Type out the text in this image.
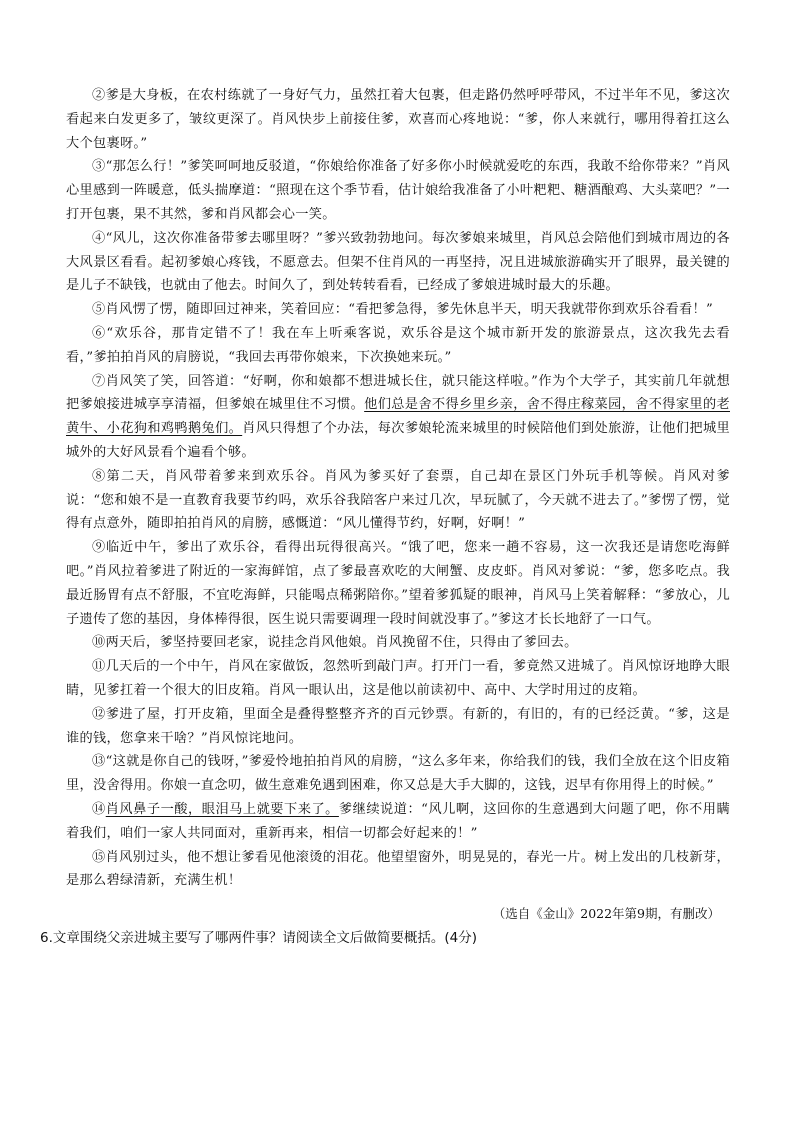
②爹是大身板，在农村练就了一身好气力，虽然扛着大包裹，但走路仍然呼呼带风，不过半年不见，爹这次看起来白发更多了，皱纹更深了。肖风快步上前接住爹，欢喜而心疼地说：“爹，你人来就行，哪用得着扛这么大个包裹呀。”

③“那怎么行！”爹笑呵呵地反驳道，“你娘给你准备了好多你小时候就爱吃的东西，我敢不给你带来？”肖风心里感到一阵暖意，低头揣摩道：“照现在这个季节看，估计娘给我准备了小叶粑粑、糖酒酿鸡、大头菜吧？”一打开包裹，果不其然，爹和肖风都会心一笑。

④“风儿，这次你准备带爹去哪里呀？”爹兴致勃勃地问。每次爹娘来城里，肖风总会陪他们到城市周边的各大风景区看看。起初爹娘心疼钱，不愿意去。但架不住肖风的一再坚持，况且进城旅游确实开了眼界，最关键的是儿子不缺钱，也就由了他去。时间久了，到处转转看看，已经成了爹娘进城时最大的乐趣。

⑤肖风愣了愣，随即回过神来，笑着回应：“看把爹急得，爹先休息半天，明天我就带你到欢乐谷看看！”

⑥“欢乐谷，那肯定错不了！我在车上听乘客说，欢乐谷是这个城市新开发的旅游景点，这次我先去看看，”爹拍拍肖风的肩膀说，“我回去再带你娘来，下次换她来玩。”

⑦肖风笑了笑，回答道：“好啊，你和娘都不想进城长住，就只能这样啦。”作为个大学子，其实前几年就想把爹娘接进城享享清福，但爹娘在城里住不习惯。他们总是舍不得乡里乡亲，舍不得庄稼菜园，舍不得家里的老黄牛、小花狗和鸡鸭鹅兔们。肖风只得想了个办法，每次爹娘轮流来城里的时候陪他们到处旅游，让他们把城里城外的大好风景看个遍看个够。

⑧第二天，肖风带着爹来到欢乐谷。肖风为爹买好了套票，自己却在景区门外玩手机等候。肖风对爹说：“您和娘不是一直教育我要节约吗，欢乐谷我陪客户来过几次，早玩腻了，今天就不进去了。”爹愣了愣，觉得有点意外，随即拍拍肖风的肩膀，感慨道：“风儿懂得节约，好啊，好啊！”

⑨临近中午，爹出了欢乐谷，看得出玩得很高兴。“饿了吧，您来一趟不容易，这一次我还是请您吃海鲜吧。”肖风拉着爹进了附近的一家海鲜馆，点了爹最喜欢吃的大闸蟹、皮皮虾。肖风对爹说：“爹，您多吃点。我最近肠胃有点不舒服，不宜吃海鲜，只能喝点稀粥陪你。”望着爹狐疑的眼神，肖风马上笑着解释：“爹放心，儿子遗传了您的基因，身体棒得很，医生说只需要调理一段时间就没事了。”爹这才长长地舒了一口气。

⑩两天后，爹坚持要回老家，说挂念肖风他娘。肖风挽留不住，只得由了爹回去。

⑪几天后的一个中午，肖风在家做饭，忽然听到敲门声。打开门一看，爹竟然又进城了。肖风惊讶地睁大眼睛，见爹扛着一个很大的旧皮箱。肖风一眼认出，这是他以前读初中、高中、大学时用过的皮箱。

⑫爹进了屋，打开皮箱，里面全是叠得整整齐齐的百元钞票。有新的，有旧的，有的已经泛黄。“爹，这是谁的钱，您拿来干啥？”肖风惊诧地问。

⑬“这就是你自己的钱呀，”爹爱怜地拍拍肖风的肩膀，“这么多年来，你给我们的钱，我们全放在这个旧皮箱里，没舍得用。你娘一直念叨，做生意难免遇到困难，你又总是大手大脚的，这钱，迟早有你用得上的时候。”

⑭肖风鼻子一酸，眼泪马上就要下来了。爹继续说道：“风儿啊，这回你的生意遇到大问题了吧，你不用瞒着我们，咱们一家人共同面对，重新再来，相信一切都会好起来的！”

⑮肖风别过头，他不想让爹看见他滚烫的泪花。他望望窗外，明晃晃的，春光一片。树上发出的几枝新芽，是那么碧绿清新，充满生机！

（选自《金山》2022年第9期，有删改）
6.文章围绕父亲进城主要写了哪两件事？请阅读全文后做简要概括。(4分)
